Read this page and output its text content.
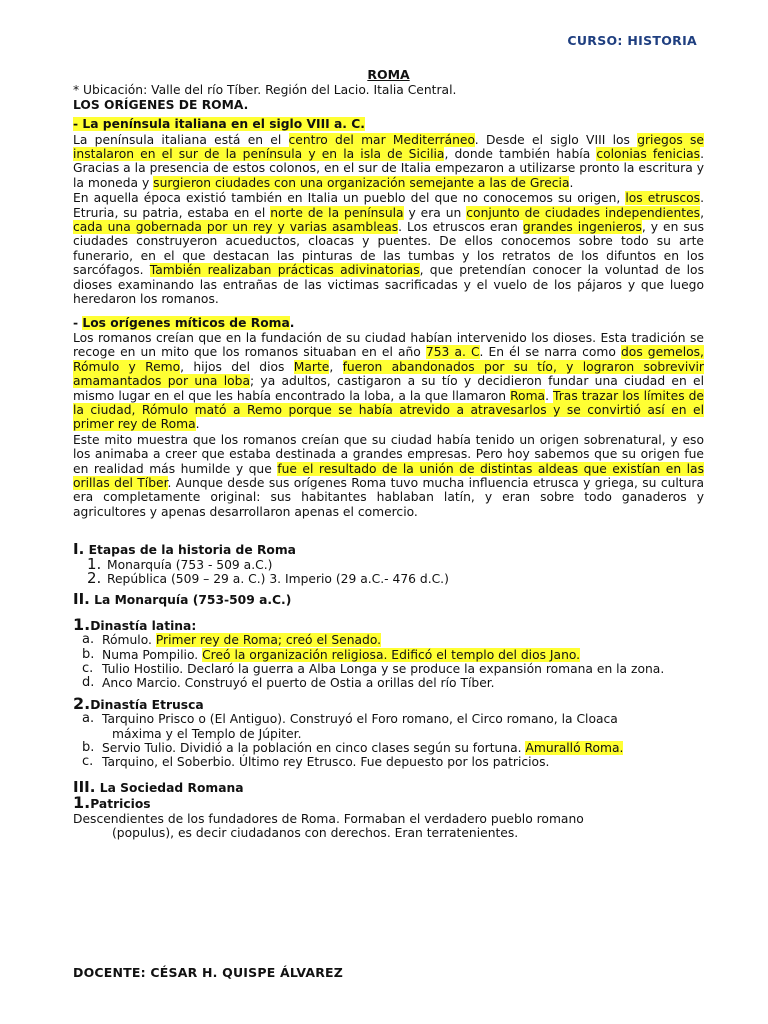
CURSO: HISTORIA
ROMA
* Ubicación: Valle del río Tíber. Región del Lacio. Italia Central.
LOS ORÍGENES DE ROMA.
- La península italiana en el siglo VIII a. C.

La península italiana está en el centro del mar Mediterráneo. Desde el siglo VIII los griegos se instalaron en el sur de la península y en la isla de Sicilia, donde también había colonias fenicias. Gracias a la presencia de estos colonos, en el sur de Italia empezaron a utilizarse pronto la escritura y la moneda y surgieron ciudades con una organización semejante a las de Grecia.

En aquella época existió también en Italia un pueblo del que no conocemos su origen, los etruscos. Etruria, su patria, estaba en el norte de la península y era un conjunto de ciudades independientes, cada una gobernada por un rey y varias asambleas. Los etruscos eran grandes ingenieros, y en sus ciudades construyeron acueductos, cloacas y puentes. De ellos conocemos sobre todo su arte funerario, en el que destacan las pinturas de las tumbas y los retratos de los difuntos en los sarcófagos. También realizaban prácticas adivinatorias, que pretendían conocer la voluntad de los dioses examinando las entrañas de las victimas sacrificadas y el vuelo de los pájaros y que luego heredaron los romanos.

- Los orígenes míticos de Roma.

Los romanos creían que en la fundación de su ciudad habían intervenido los dioses. Esta tradición se recoge en un mito que los romanos situaban en el año 753 a. C. En él se narra como dos gemelos, Rómulo y Remo, hijos del dios Marte, fueron abandonados por su tío, y lograron sobrevivir amamantados por una loba; ya adultos, castigaron a su tío y decidieron fundar una ciudad en el mismo lugar en el que les había encontrado la loba, a la que llamaron Roma. Tras trazar los límites de la ciudad, Rómulo mató a Remo porque se había atrevido a atravesarlos y se convirtió así en el primer rey de Roma.

Este mito muestra que los romanos creían que su ciudad había tenido un origen sobrenatural, y eso los animaba a creer que estaba destinada a grandes empresas. Pero hoy sabemos que su origen fue en realidad más humilde y que fue el resultado de la unión de distintas aldeas que existían en las orillas del Tíber. Aunque desde sus orígenes Roma tuvo mucha influencia etrusca y griega, su cultura era completamente original: sus habitantes hablaban latín, y eran sobre todo ganaderos y agricultores y apenas desarrollaron apenas el comercio.

I. Etapas de la historia de Roma
1. Monarquía (753 - 509 a.C.)
2. República (509 – 29 a. C.) 3. Imperio (29 a.C.- 476 d.C.)
II. La Monarquía (753-509 a.C.)
1.Dinastía latina:
a. Rómulo. Primer rey de Roma; creó el Senado.
b. Numa Pompilio. Creó la organización religiosa. Edificó el templo del dios Jano.
c. Tulio Hostilio. Declaró la guerra a Alba Longa y se produce la expansión romana en la zona.
d. Anco Marcio. Construyó el puerto de Ostia a orillas del río Tíber.
2.Dinastía Etrusca
a. Tarquino Prisco o (El Antiguo). Construyó el Foro romano, el Circo romano, la Cloaca
máxima y el Templo de Júpiter.
b. Servio Tulio. Dividió a la población en cinco clases según su fortuna. Amuralló Roma.
c. Tarquino, el Soberbio. Último rey Etrusco. Fue depuesto por los patricios.
III. La Sociedad Romana
1.Patricios
Descendientes de los fundadores de Roma. Formaban el verdadero pueblo romano
(populus), es decir ciudadanos con derechos. Eran terratenientes.
DOCENTE: CÉSAR H. QUISPE ÁLVAREZ
